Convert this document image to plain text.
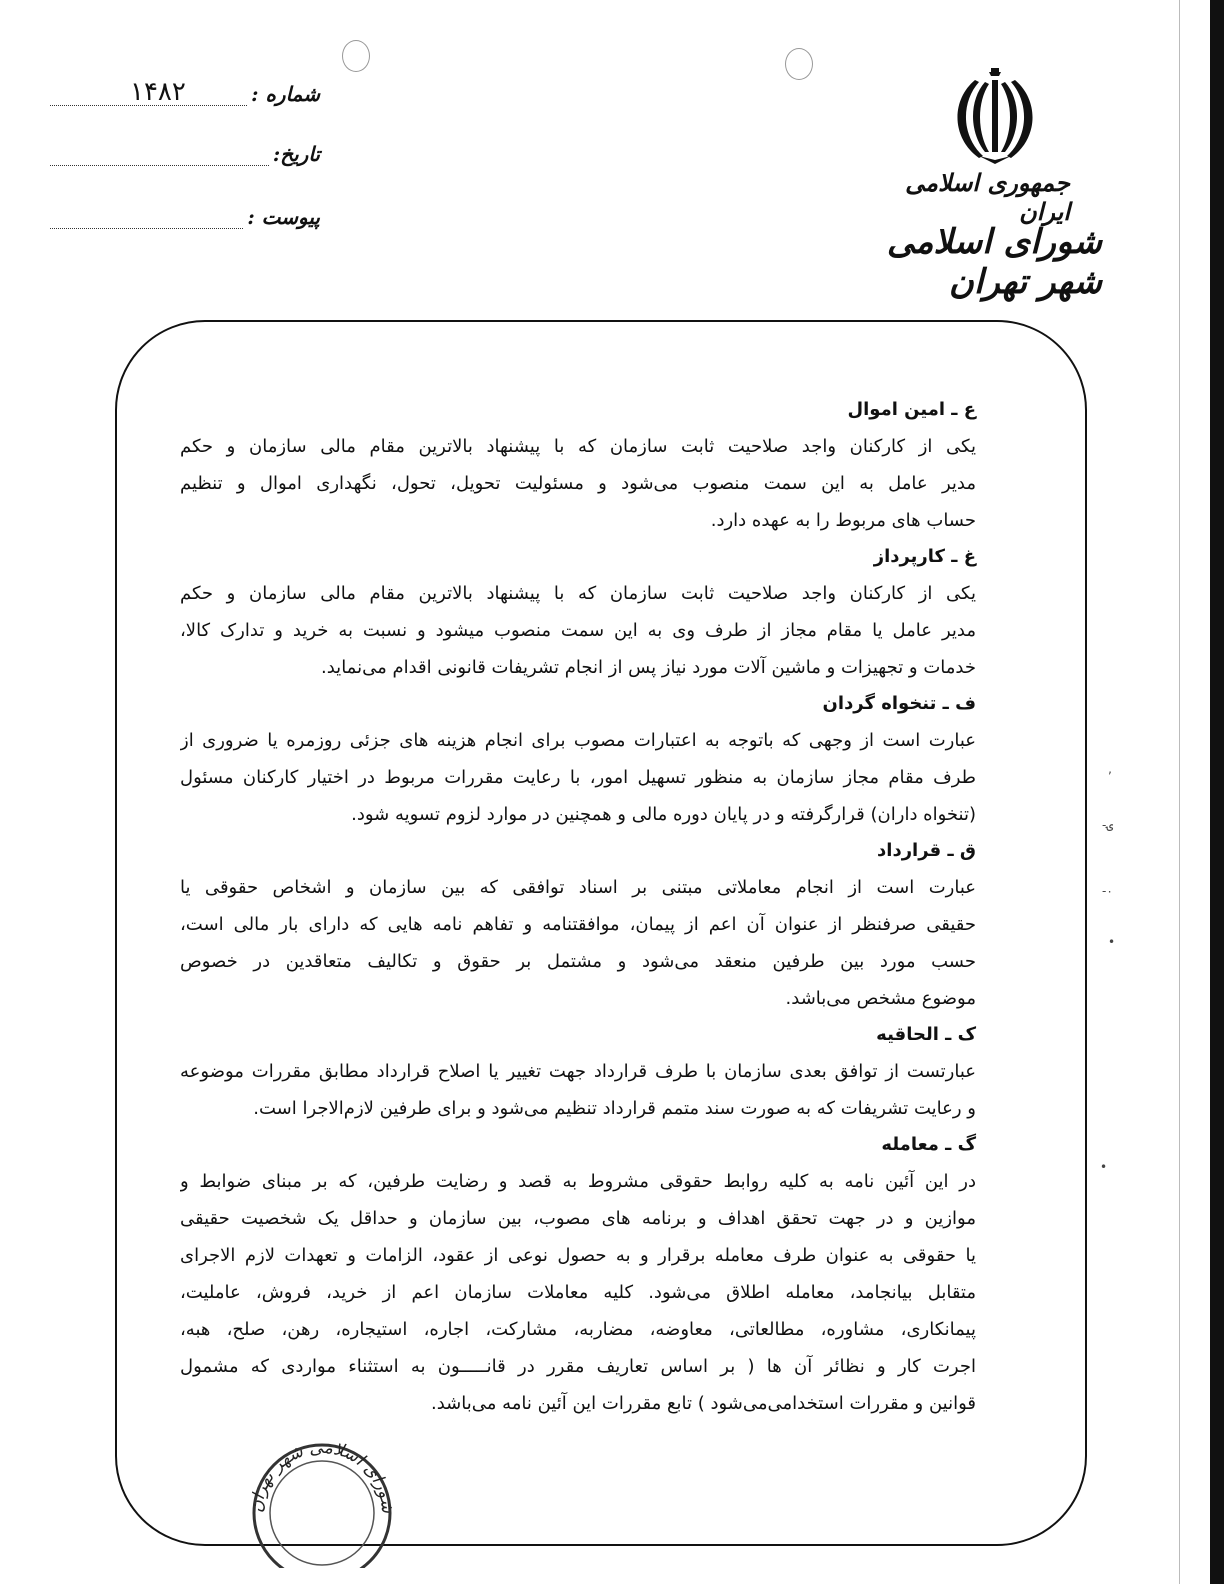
جمهوری اسلامی ایران
شورای اسلامی شهر تهران
شماره :
۱۴۸۲
تاریخ:
پیوست :
ع ـ امین اموال
یکی از کارکنان واجد صلاحیت ثابت سازمان که با پیشنهاد بالاترین مقام مالی سازمان و حکم
مدیر عامل به این سمت منصوب می‌شود و مسئولیت تحویل، تحول، نگهداری اموال و تنظیم
حساب های مربوط را به عهده دارد.
غ ـ کارپرداز
یکی از کارکنان واجد صلاحیت ثابت سازمان که با پیشنهاد بالاترین مقام مالی سازمان و حکم
مدیر عامل یا مقام مجاز از طرف وی به این سمت منصوب میشود و نسبت به خرید و تدارک کالا،
خدمات و تجهیزات و ماشین آلات مورد نیاز پس از انجام تشریفات قانونی اقدام می‌نماید.
ف ـ تنخواه گردان
عبارت است از وجهی که باتوجه به اعتبارات مصوب برای انجام هزینه های جزئی روزمره یا ضروری از
طرف مقام مجاز سازمان به منظور تسهیل امور، با رعایت مقررات مربوط در اختیار کارکنان مسئول
(تنخواه داران) قرارگرفته و در پایان دوره مالی و همچنین در موارد لزوم تسویه شود.
ق ـ قرارداد
عبارت است از انجام معاملاتی مبتنی بر اسناد توافقی که بین سازمان و اشخاص حقوقی یا
حقیقی صرفنظر از عنوان آن اعم از پیمان، موافقتنامه و تفاهم نامه هایی که دارای بار مالی است،
حسب مورد بین طرفین منعقد می‌شود و مشتمل بر حقوق و تکالیف متعاقدین در خصوص
موضوع مشخص می‌باشد.
ک ـ الحاقیه
عبارتست از توافق بعدی سازمان با طرف قرارداد جهت تغییر یا اصلاح قرارداد مطابق مقررات موضوعه
و رعایت تشریفات که به صورت سند متمم قرارداد تنظیم می‌شود و برای طرفین لازم‌الاجرا است.
گ ـ معامله
در این آئین نامه به کلیه روابط حقوقی مشروط به قصد و رضایت طرفین، که بر مبنای ضوابط و
موازین و در جهت تحقق اهداف و برنامه های مصوب، بین سازمان و حداقل یک شخصیت حقیقی
یا حقوقی به عنوان طرف معامله برقرار و به حصول نوعی از عقود، الزامات و تعهدات لازم الاجرای
متقابل بیانجامد، معامله اطلاق می‌شود. کلیه معاملات سازمان اعم از خرید، فروش، عاملیت،
پیمانکاری، مشاوره، مطالعاتی، معاوضه، مضاربه، مشارکت، اجاره، استیجاره، رهن، صلح، هبه،
اجرت کار و نظائر آن ها ( بر اساس تعاریف مقرر در قانـــــون به استثناء مواردی که مشمول
قوانین و مقررات استخدامی‌می‌شود ) تابع مقررات این آئین نامه می‌باشد.
شورای اسلامی شهر تهران
‚
-ۍ
-۰
•
•
